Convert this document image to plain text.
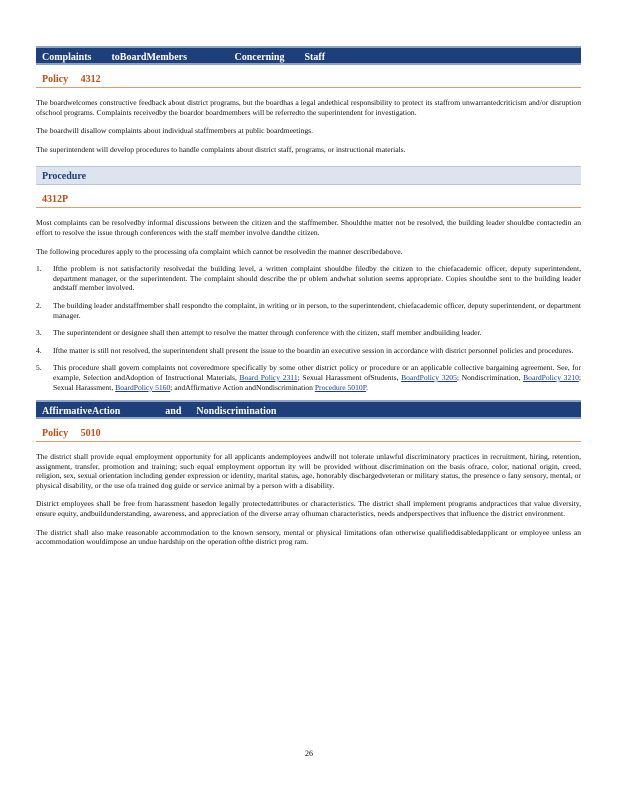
Complaints        toBoardMembers                   Concerning        Staff
Policy     4312

The boardwelcomes constructive feedback about district programs, but the boardhas a legal andethical responsibility to protect its staffrom unwarrantedcriticism and/or disruption ofschool programs. Complaints receivedby the boardor boardmembers will be referredto the superintendent for investigation.

The boardwill disallow complaints about individual staffmembers at public boardmeetings.

The superintendent will develop procedures to handle complaints about district staff, programs, or instructional materials.

Procedure
4312P

Most complaints can be resolvedby informal discussions between the citizen and the staffmember. Shouldthe matter not be resolved, the building leader shouldbe contactedin an effort to resolve the issue through conferences with the staff member involve dandthe citizen.

The following procedures apply to the processing ofa complaint which cannot be resolvedin the manner describedabove.

1. Ifthe problem is not satisfactorily resolvedat the building level, a written complaint shouldbe filedby the citizen to the chiefacademic officer, deputy superintendent, department manager, or the superintendent. The complaint should describe the pr oblem andwhat solution seems appropriate. Copies shouldbe sent to the building leader andstaff member involved.
2. The building leader andstaffmember shall respondto the complaint, in writing or in person, to the superintendent, chiefacademic officer, deputy superintendent, or department manager.
3. The superintendent or designee shall then attempt to resolve the matter through conference with the citizen, staff member andbuilding leader.
4. Ifthe matter is still not resolved, the superintendent shall present the issue to the boardin an executive session in accordance with district personnel policies and procedures.
5. This procedure shall govern complaints not coveredmore specifically by some other district policy or procedure or an applicable collective bargaining agreement. See, for example, Selection andAdoption of Instructional Materials, Board Policy 2311; Sexual Harassment ofStudents, BoardPolicy 3205; Nondiscrimination, BoardPolicy 3210; Sexual Harassment, BoardPolicy 5160; andAffirmative Action andNondiscrimination Procedure 5010P.
AffirmativeAction                  and      Nondiscrimination
Policy     5010

The district shall provide equal employment opportunity for all applicants andemployees andwill not tolerate unlawful discriminatory practices in recruitment, hiring, retention, assignment, transfer, promotion and training; such equal employment opportun ity will be provided without discrimination on the basis ofrace, color, national origin, creed, religion, sex, sexual orientation including gender expression or identity, marital status, age, honorably dischargedveteran or military status, the presence o fany sensory, mental, or physical disability, or the use ofa trained dog guide or service animal by a person with a disability.

District employees shall be free from harassment basedon legally protectedattributes or characteristics. The district shall implement programs andpractices that value diversity, ensure equity, andbuildunderstanding, awareness, and appreciation of the diverse array ofhuman characteristics, needs andperspectives that influence the district environment.

The district shall also make reasonable accommodation to the known sensory, mental or physical limitations ofan otherwise qualifieddisabledapplicant or employee unless an accommodation wouldimpose an undue hardship on the operation ofthe district prog ram.

26
